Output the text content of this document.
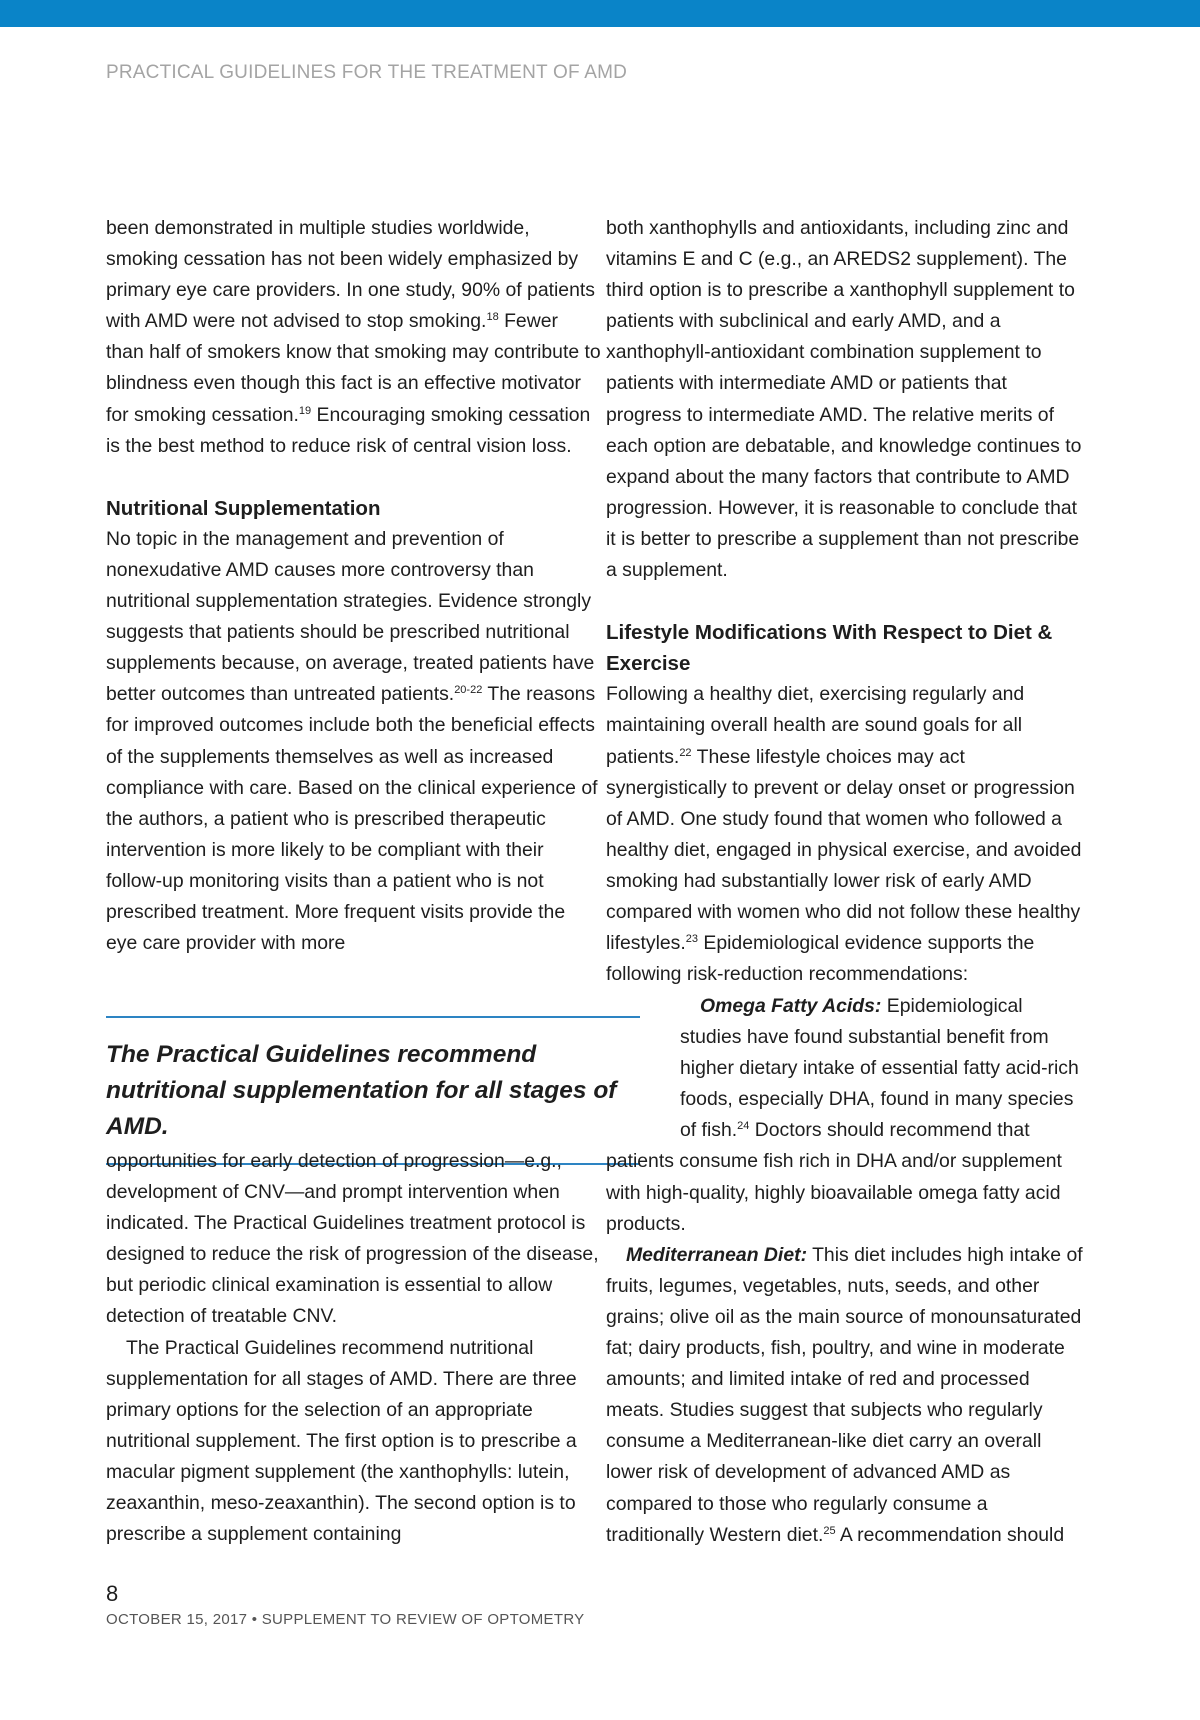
PRACTICAL GUIDELINES FOR THE TREATMENT OF AMD

been demonstrated in multiple studies worldwide, smoking cessation has not been widely emphasized by primary eye care providers. In one study, 90% of patients with AMD were not advised to stop smoking.$^{18}$ Fewer than half of smokers know that smoking may contribute to blindness even though this fact is an effective motivator for smoking cessation.$^{19}$ Encouraging smoking cessation is the best method to reduce risk of central vision loss.

Nutritional Supplementation

No topic in the management and prevention of nonexudative AMD causes more controversy than nutritional supplementation strategies. Evidence strongly suggests that patients should be prescribed nutritional supplements because, on average, treated patients have better outcomes than untreated patients.$^{20-22}$ The reasons for improved outcomes include both the beneficial effects of the supplements themselves as well as increased compliance with care. Based on the clinical experience of the authors, a patient who is prescribed therapeutic intervention is more likely to be compliant with their follow-up monitoring visits than a patient who is not prescribed treatment. More frequent visits provide the eye care provider with more

The Practical Guidelines recommend nutritional supplementation for all stages of AMD.

opportunities for early detection of progression—e.g., development of CNV—and prompt intervention when indicated. The Practical Guidelines treatment protocol is designed to reduce the risk of progression of the disease, but periodic clinical examination is essential to allow detection of treatable CNV.

The Practical Guidelines recommend nutritional supplementation for all stages of AMD. There are three primary options for the selection of an appropriate nutritional supplement. The first option is to prescribe a macular pigment supplement (the xanthophylls: lutein, zeaxanthin, meso-zeaxanthin). The second option is to prescribe a supplement containing

both xanthophylls and antioxidants, including zinc and vitamins E and C (e.g., an AREDS2 supplement). The third option is to prescribe a xanthophyll supplement to patients with subclinical and early AMD, and a xanthophyll-antioxidant combination supplement to patients with intermediate AMD or patients that progress to intermediate AMD. The relative merits of each option are debatable, and knowledge continues to expand about the many factors that contribute to AMD progression. However, it is reasonable to conclude that it is better to prescribe a supplement than not prescribe a supplement.

Lifestyle Modifications With Respect to Diet & Exercise

Following a healthy diet, exercising regularly and maintaining overall health are sound goals for all patients.$^{22}$ These lifestyle choices may act synergistically to prevent or delay onset or progression of AMD. One study found that women who followed a healthy diet, engaged in physical exercise, and avoided smoking had substantially lower risk of early AMD compared with women who did not follow these healthy lifestyles.$^{23}$ Epidemiological evidence supports the following risk-reduction recommendations:

Omega Fatty Acids: Epidemiological studies have found substantial benefit from higher dietary intake of essential fatty acid-rich foods, especially DHA, found in many species of fish.$^{24}$ Doctors should recommend that

patients consume fish rich in DHA and/or supplement with high-quality, highly bioavailable omega fatty acid products.

Mediterranean Diet: This diet includes high intake of fruits, legumes, vegetables, nuts, seeds, and other grains; olive oil as the main source of monounsaturated fat; dairy products, fish, poultry, and wine in moderate amounts; and limited intake of red and processed meats. Studies suggest that subjects who regularly consume a Mediterranean-like diet carry an overall lower risk of development of advanced AMD as compared to those who regularly consume a traditionally Western diet.$^{25}$ A recommendation should

8
OCTOBER 15, 2017 • SUPPLEMENT TO REVIEW OF OPTOMETRY
